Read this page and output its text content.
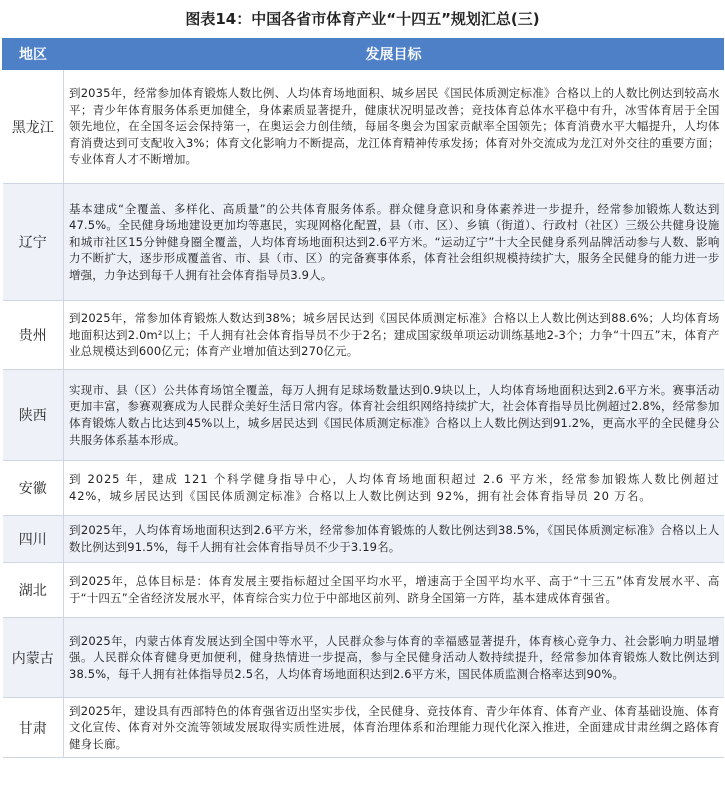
图表14：中国各省市体育产业“十四五”规划汇总(三)
地区	发展目标
黑龙江	到2035年，经常参加体育锻炼人数比例、人均体育场地面积、城乡居民《国民体质测定标准》合格以上的人数比例达到较高水平；青少年体育服务体系更加健全，身体素质显著提升，健康状况明显改善；竞技体育总体水平稳中有升，冰雪体育居于全国领先地位，在全国冬运会保持第一，在奥运会力创佳绩，每届冬奥会为国家贡献率全国领先；体育消费水平大幅提升，人均体育消费达到可支配收入3%；体育文化影响力不断提高，龙江体育精神传承发扬；体育对外交流成为龙江对外交往的重要方面；专业体育人才不断增加。
辽宁	基本建成“全覆盖、多样化、高质量”的公共体育服务体系。群众健身意识和身体素养进一步提升，经常参加锻炼人数达到47.5%。全民健身场地建设更加均等惠民，实现网格化配置，县（市、区）、乡镇（街道）、行政村（社区）三级公共健身设施和城市社区15分钟健身圈全覆盖，人均体育场地面积达到2.6平方米。“运动辽宁”十大全民健身系列品牌活动参与人数、影响力不断扩大，逐步形成覆盖省、市、县（市、区）的完备赛事体系，体育社会组织规模持续扩大，服务全民健身的能力进一步增强，力争达到每千人拥有社会体育指导员3.9人。
贵州	到2025年，常参加体育锻炼人数达到38%；城乡居民达到《国民体质测定标准》合格以上人数比例达到88.6%；人均体育场地面积达到2.0m²以上；千人拥有社会体育指导员不少于2名；建成国家级单项运动训练基地2-3个；力争“十四五”末，体育产业总规模达到600亿元；体育产业增加值达到270亿元。
陕西	实现市、县（区）公共体育场馆全覆盖，每万人拥有足球场数量达到0.9块以上，人均体育场地面积达到2.6平方米。赛事活动更加丰富，参赛观赛成为人民群众美好生活日常内容。体育社会组织网络持续扩大，社会体育指导员比例超过2.8%，经常参加体育锻炼人数占比达到45%以上，城乡居民达到《国民体质测定标准》合格以上人数比例达到91.2%，更高水平的全民健身公共服务体系基本形成。
安徽	到 2025 年，建成 121 个科学健身指导中心，人均体育场地面积超过 2.6 平方米，经常参加锻炼人数比例超过 42%，城乡居民达到《国民体质测定标准》合格以上人数比例达到 92%，拥有社会体育指导员 20 万名。
四川	到2025年，人均体育场地面积达到2.6平方米，经常参加体育锻炼的人数比例达到38.5%，《国民体质测定标准》合格以上人数比例达到91.5%，每千人拥有社会体育指导员不少于3.19名。
湖北	到2025年，总体目标是：体育发展主要指标超过全国平均水平，增速高于全国平均水平、高于“十三五”体育发展水平、高于“十四五”全省经济发展水平，体育综合实力位于中部地区前列、跻身全国第一方阵，基本建成体育强省。
内蒙古	到2025年，内蒙古体育发展达到全国中等水平，人民群众参与体育的幸福感显著提升，体育核心竞争力、社会影响力明显增强。人民群众体育健身更加便利，健身热情进一步提高，参与全民健身活动人数持续提升，经常参加体育锻炼人数比例达到38.5%，每千人拥有社体指导员2.5名，人均体育场地面积达到2.6平方米，国民体质监测合格率达到90%。
甘肃	到2025年，建设具有西部特色的体育强省迈出坚实步伐，全民健身、竞技体育、青少年体育、体育产业、体育基础设施、体育文化宣传、体育对外交流等领域发展取得实质性进展，体育治理体系和治理能力现代化深入推进，全面建成甘肃丝绸之路体育健身长廊。
